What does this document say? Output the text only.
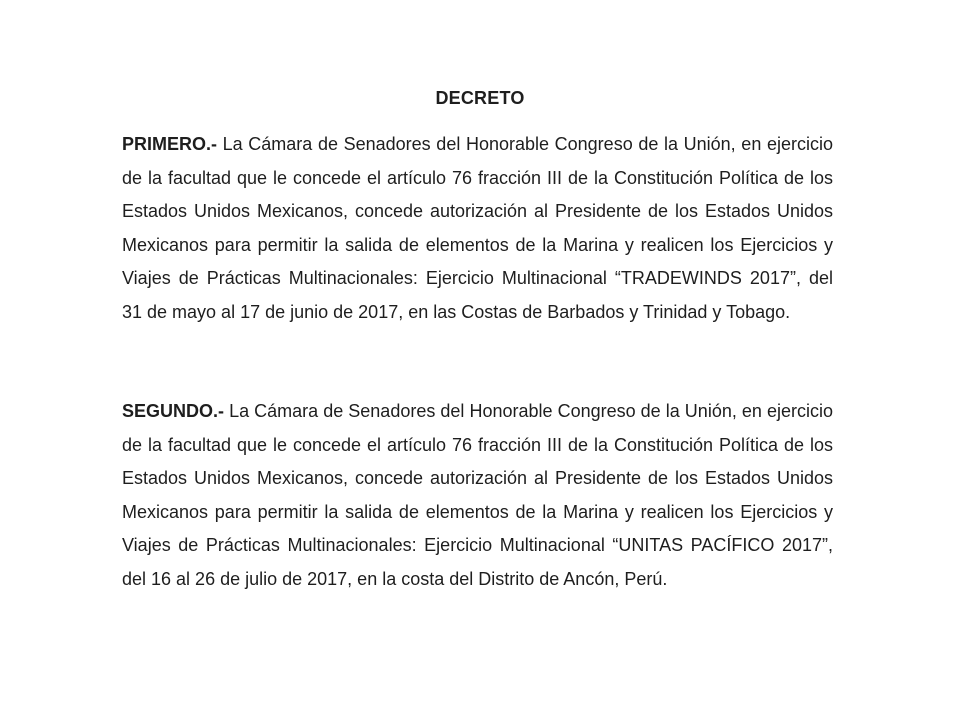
DECRETO
PRIMERO.- La Cámara de Senadores del Honorable Congreso de la Unión, en ejercicio de la facultad que le concede el artículo 76 fracción III de la Constitución Política de los Estados Unidos Mexicanos, concede autorización al Presidente de los Estados Unidos Mexicanos para permitir la salida de elementos de la Marina y realicen los Ejercicios y Viajes de Prácticas Multinacionales: Ejercicio Multinacional “TRADEWINDS 2017”, del 31 de mayo al 17 de junio de 2017, en las Costas de Barbados y Trinidad y Tobago.
SEGUNDO.- La Cámara de Senadores del Honorable Congreso de la Unión, en ejercicio de la facultad que le concede el artículo 76 fracción III de la Constitución Política de los Estados Unidos Mexicanos, concede autorización al Presidente de los Estados Unidos Mexicanos para permitir la salida de elementos de la Marina y realicen los Ejercicios y Viajes de Prácticas Multinacionales: Ejercicio Multinacional “UNITAS PACÍFICO 2017”, del 16 al 26 de julio de 2017, en la costa del Distrito de Ancón, Perú.
